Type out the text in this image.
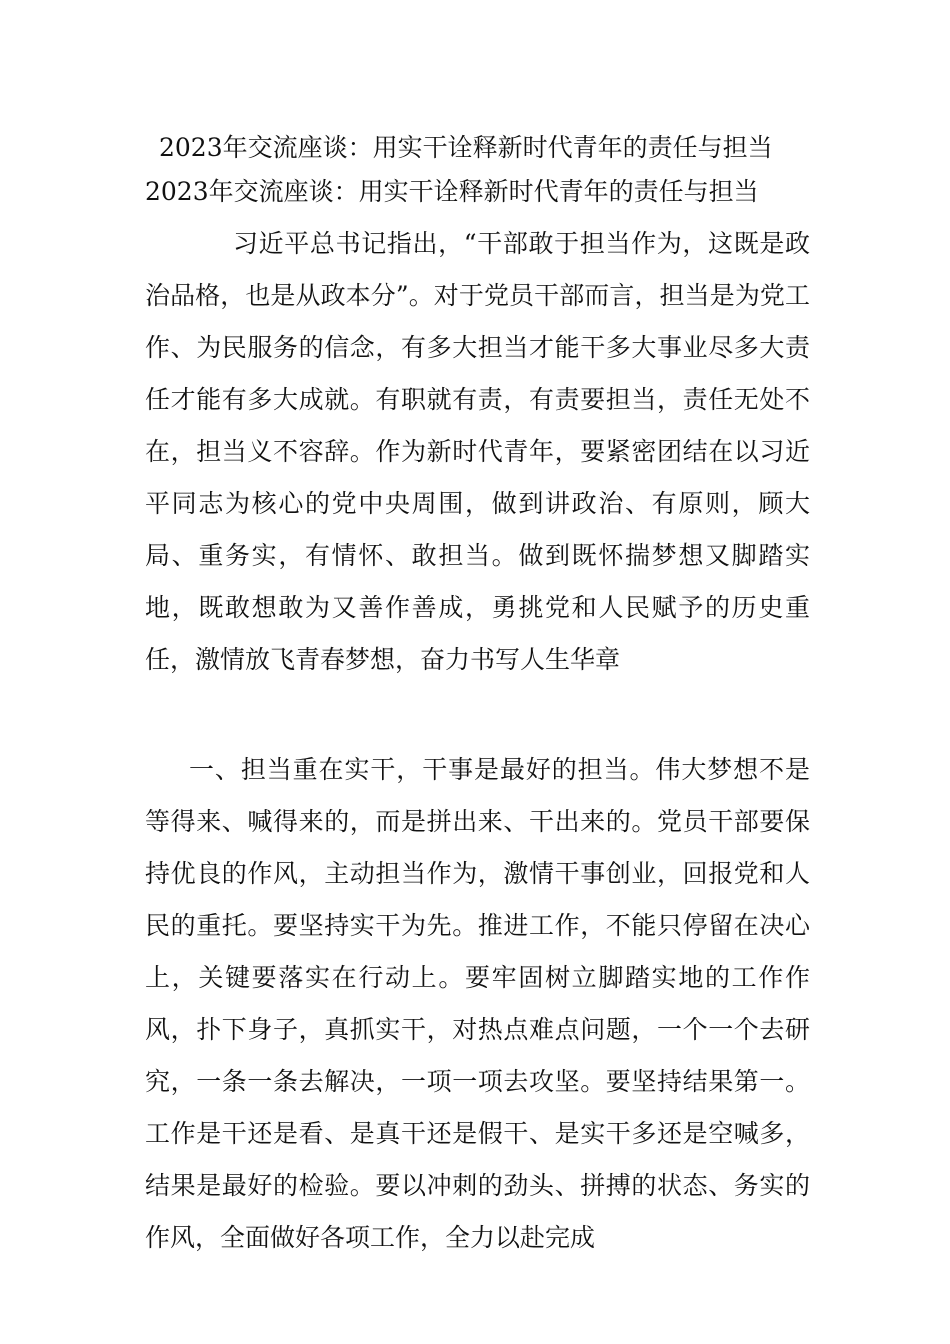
2023年交流座谈：用实干诠释新时代青年的责任与担当

2023年交流座谈：用实干诠释新时代青年的责任与担当

习近平总书记指出，“干部敢于担当作为，这既是政治品格，也是从政本分”。对于党员干部而言，担当是为党工作、为民服务的信念，有多大担当才能干多大事业尽多大责任才能有多大成就。有职就有责，有责要担当，责任无处不在，担当义不容辞。作为新时代青年，要紧密团结在以习近平同志为核心的党中央周围，做到讲政治、有原则，顾大局、重务实，有情怀、敢担当。做到既怀揣梦想又脚踏实地，既敢想敢为又善作善成，勇挑党和人民赋予的历史重任，激情放飞青春梦想，奋力书写人生华章

一、担当重在实干，干事是最好的担当。伟大梦想不是等得来、喊得来的，而是拼出来、干出来的。党员干部要保持优良的作风，主动担当作为，激情干事创业，回报党和人民的重托。要坚持实干为先。推进工作，不能只停留在决心上，关键要落实在行动上。要牢固树立脚踏实地的工作作风，扑下身子，真抓实干，对热点难点问题，一个一个去研究，一条一条去解决，一项一项去攻坚。要坚持结果第一。工作是干还是看、是真干还是假干、是实干多还是空喊多，结果是最好的检验。要以冲刺的劲头、拼搏的状态、务实的作风，全面做好各项工作，全力以赴完成
